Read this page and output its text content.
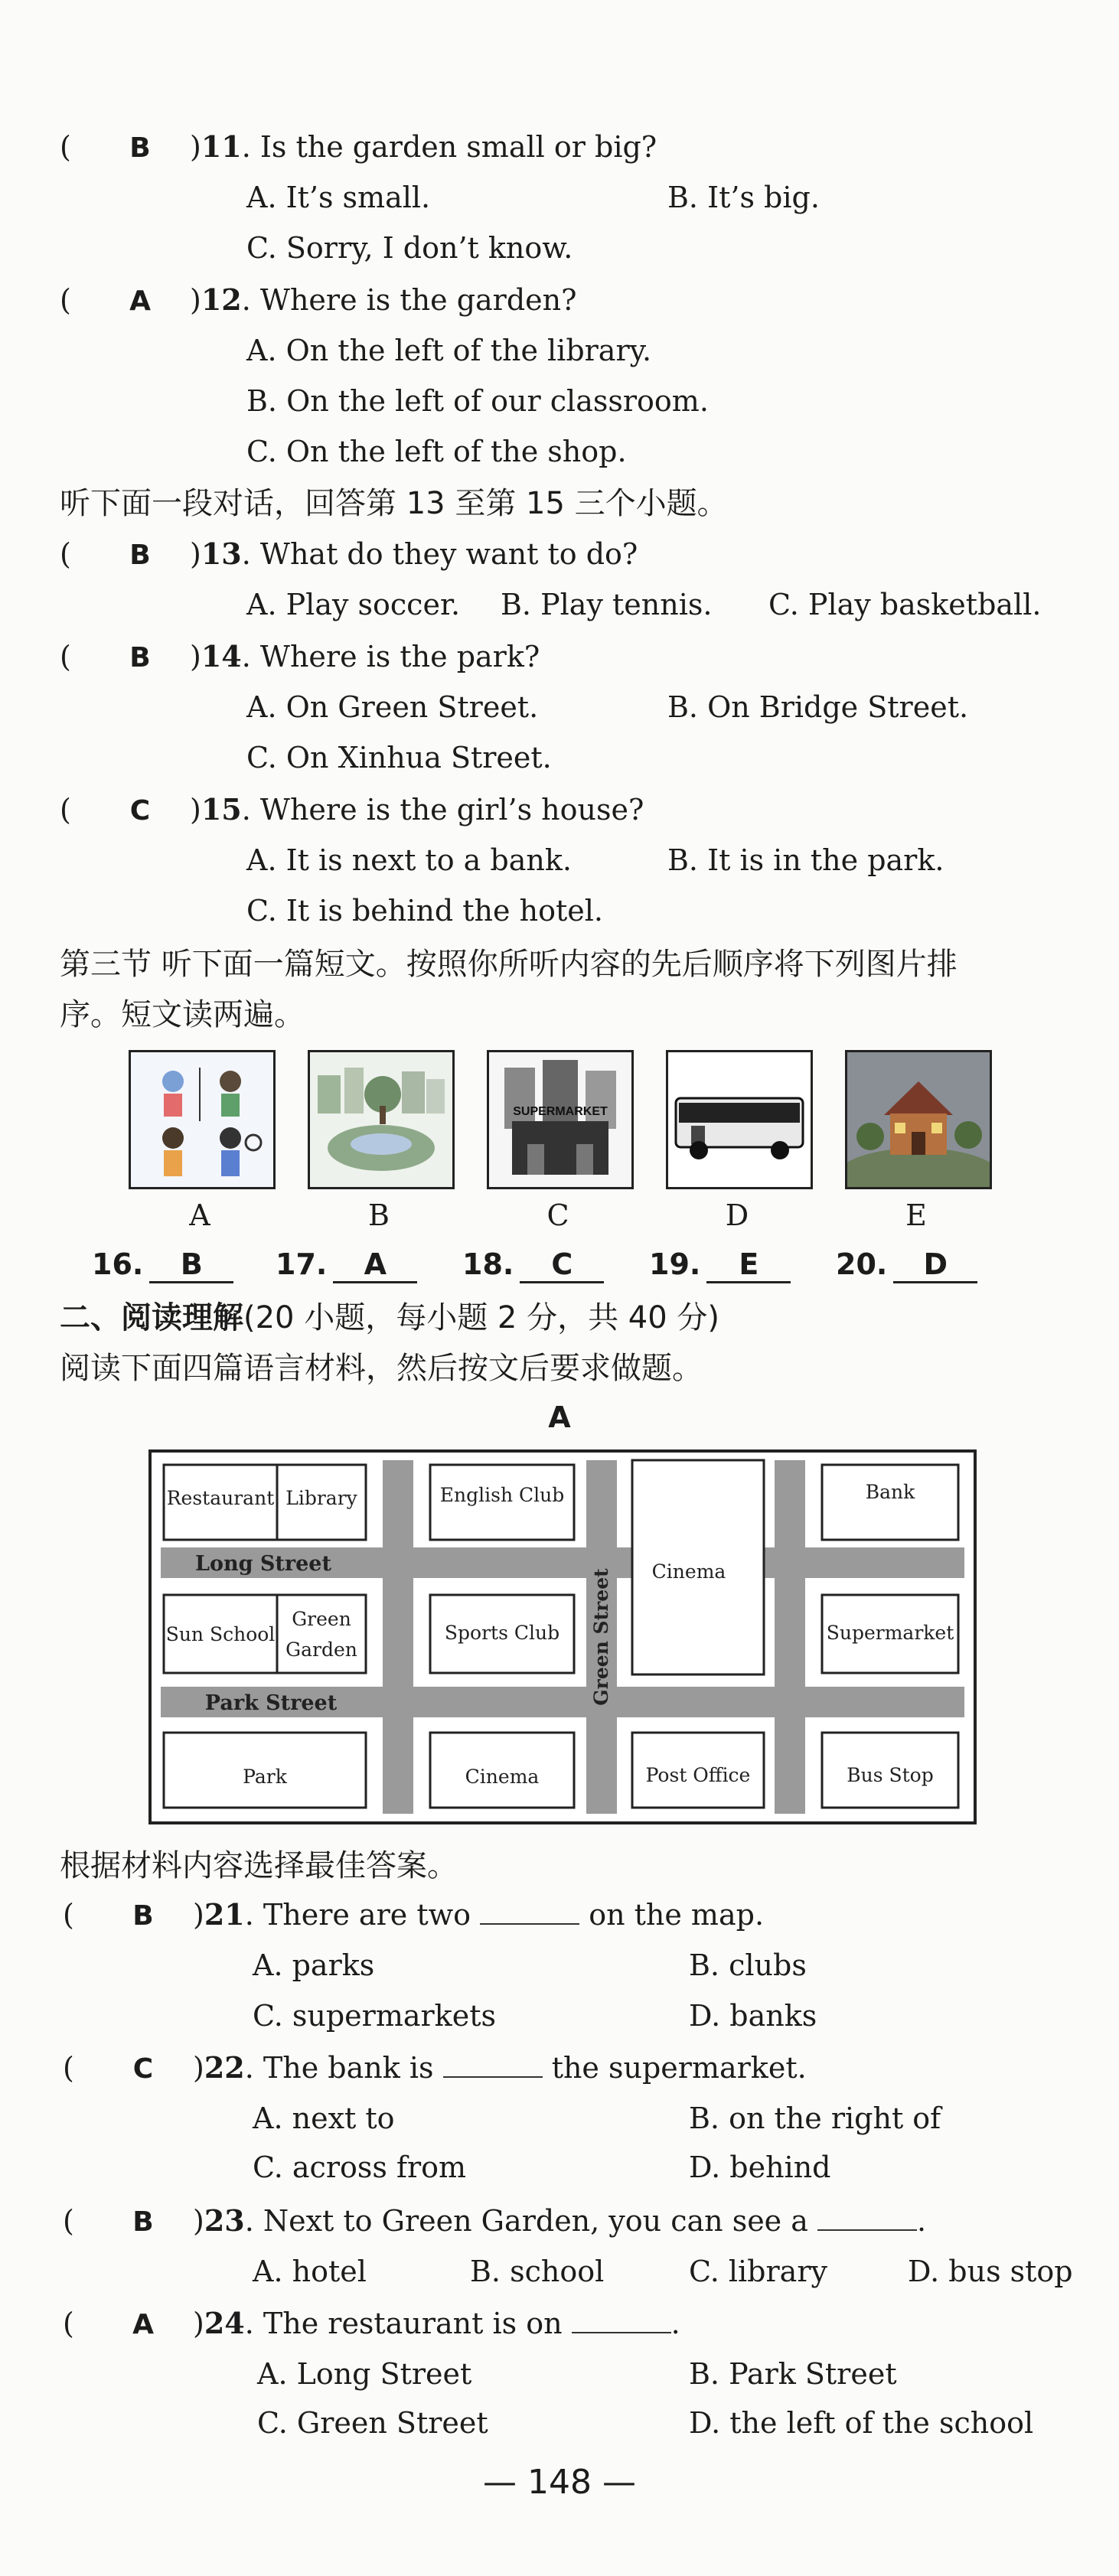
( B )11. Is the garden small or big?
A. It’s small.	B. It’s big.
C. Sorry, I don’t know.
( A )12. Where is the garden?
A. On the left of the library.
B. On the left of our classroom.
C. On the left of the shop.
听下面一段对话，回答第 13 至第 15 三个小题。
( B )13. What do they want to do?
A. Play soccer. B. Play tennis. C. Play basketball.
( B )14. Where is the park?
A. On Green Street.	B. On Bridge Street.
C. On Xinhua Street.
( C )15. Where is the girl’s house?
A. It is next to a bank.	B. It is in the park.
C. It is behind the hotel.
第三节 听下面一篇短文。按照你所听内容的先后顺序将下列图片排
序。短文读两遍。
SUPERMARKET
A	B	C	D	E
16. B	17. A	18. C	19. E	20. D
二、阅读理解(20 小题，每小题 2 分，共 40 分)
阅读下面四篇语言材料，然后按文后要求做题。
A
Long Street
Park Street	Green Street
Restaurant Library	English Club
Cinema
Bank
Sun School
Green
Garden
Sports Club	Supermarket
Park	Cinema	Post Office	Bus Stop
根据材料内容选择最佳答案。
( B )21. There are two	on the map.
A. parks	B. clubs
C. supermarkets	D. banks
( C )22. The bank is	the supermarket.
A. next to	B. on the right of
C. across from	D. behind
( B )23. Next to Green Garden, you can see a	.
A. hotel	B. school	C. library	D. bus stop
( A )24. The restaurant is on	.
A. Long Street	B. Park Street
C. Green Street	D. the left of the school
— 148 —
